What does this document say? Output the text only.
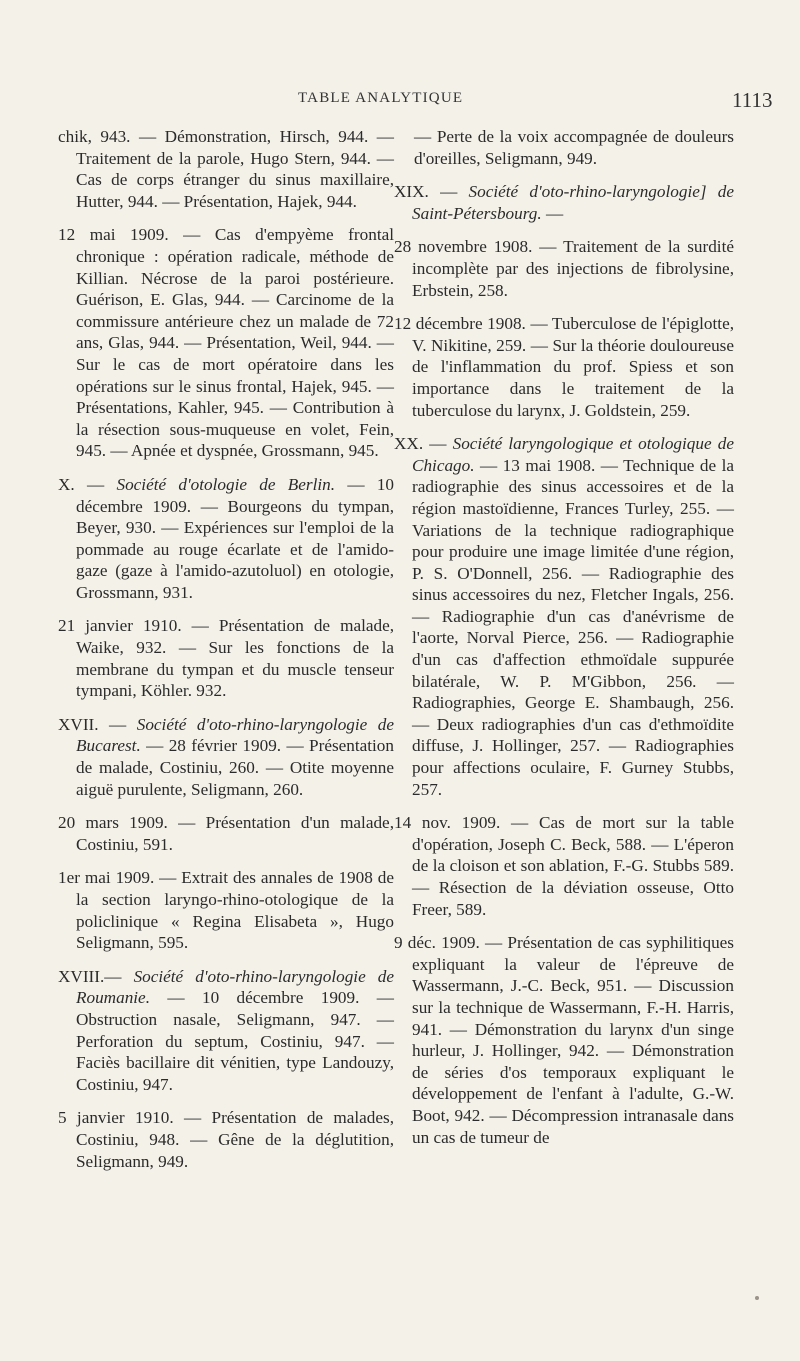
TABLE ANALYTIQUE	1113

chik, 943. — Démonstration, Hirsch, 944. — Traitement de la parole, Hugo Stern, 944. — Cas de corps étranger du sinus maxillaire, Hutter, 944. — Présentation, Hajek, 944.

12 mai 1909. — Cas d'empyème frontal chronique : opération radicale, méthode de Killian. Nécrose de la paroi postérieure. Guérison, E. Glas, 944. — Carcinome de la commissure antérieure chez un malade de 72 ans, Glas, 944. — Présentation, Weil, 944. — Sur le cas de mort opératoire dans les opérations sur le sinus frontal, Hajek, 945. — Présentations, Kahler, 945. — Contribution à la résection sous-muqueuse en volet, Fein, 945. — Apnée et dyspnée, Grossmann, 945.

X. — Société d'otologie de Berlin. — 10 décembre 1909. — Bourgeons du tympan, Beyer, 930. — Expériences sur l'emploi de la pommade au rouge écarlate et de l'amido-gaze (gaze à l'amido-azutoluol) en otologie, Grossmann, 931.

21 janvier 1910. — Présentation de malade, Waike, 932. — Sur les fonctions de la membrane du tympan et du muscle tenseur tympani, Köhler. 932.

XVII. — Société d'oto-rhino-laryngologie de Bucarest. — 28 février 1909. — Présentation de malade, Costiniu, 260. — Otite moyenne aiguë purulente, Seligmann, 260.

20 mars 1909. — Présentation d'un malade, Costiniu, 591.

1er mai 1909. — Extrait des annales de 1908 de la section laryngo-rhino-otologique de la policlinique « Regina Elisabeta », Hugo Seligmann, 595.

XVIII.— Société d'oto-rhino-laryngologie de Roumanie. — 10 décembre 1909. — Obstruction nasale, Seligmann, 947. — Perforation du septum, Costiniu, 947. — Faciès bacillaire dit vénitien, type Landouzy, Costiniu, 947.

5 janvier 1910. — Présentation de malades, Costiniu, 948. — Gêne de la déglutition, Seligmann, 949.

— Perte de la voix accompagnée de douleurs d'oreilles, Seligmann, 949.

XIX. — Société d'oto-rhino-laryngologie] de Saint-Pétersbourg. —

28 novembre 1908. — Traitement de la surdité incomplète par des injections de fibrolysine, Erbstein, 258.

12 décembre 1908. — Tuberculose de l'épiglotte, V. Nikitine, 259. — Sur la théorie douloureuse de l'inflammation du prof. Spiess et son importance dans le traitement de la tuberculose du larynx, J. Goldstein, 259.

XX. — Société laryngologique et otologique de Chicago. — 13 mai 1908. — Technique de la radiographie des sinus accessoires et de la région mastoïdienne, Frances Turley, 255. — Variations de la technique radiographique pour produire une image limitée d'une région, P. S. O'Donnell, 256. — Radiographie des sinus accessoires du nez, Fletcher Ingals, 256. — Radiographie d'un cas d'anévrisme de l'aorte, Norval Pierce, 256. — Radiographie d'un cas d'affection ethmoïdale suppurée bilatérale, W. P. M'Gibbon, 256. — Radiographies, George E. Shambaugh, 256. — Deux radiographies d'un cas d'ethmoïdite diffuse, J. Hollinger, 257. — Radiographies pour affections oculaire, F. Gurney Stubbs, 257.

14 nov. 1909. — Cas de mort sur la table d'opération, Joseph C. Beck, 588. — L'éperon de la cloison et son ablation, F.-G. Stubbs 589. — Résection de la déviation osseuse, Otto Freer, 589.

9 déc. 1909. — Présentation de cas syphilitiques expliquant la valeur de l'épreuve de Wassermann, J.-C. Beck, 951. — Discussion sur la technique de Wassermann, F.-H. Harris, 941. — Démonstration du larynx d'un singe hurleur, J. Hollinger, 942. — Démonstration de séries d'os temporaux expliquant le développement de l'enfant à l'adulte, G.-W. Boot, 942. — Décompression intranasale dans un cas de tumeur de
